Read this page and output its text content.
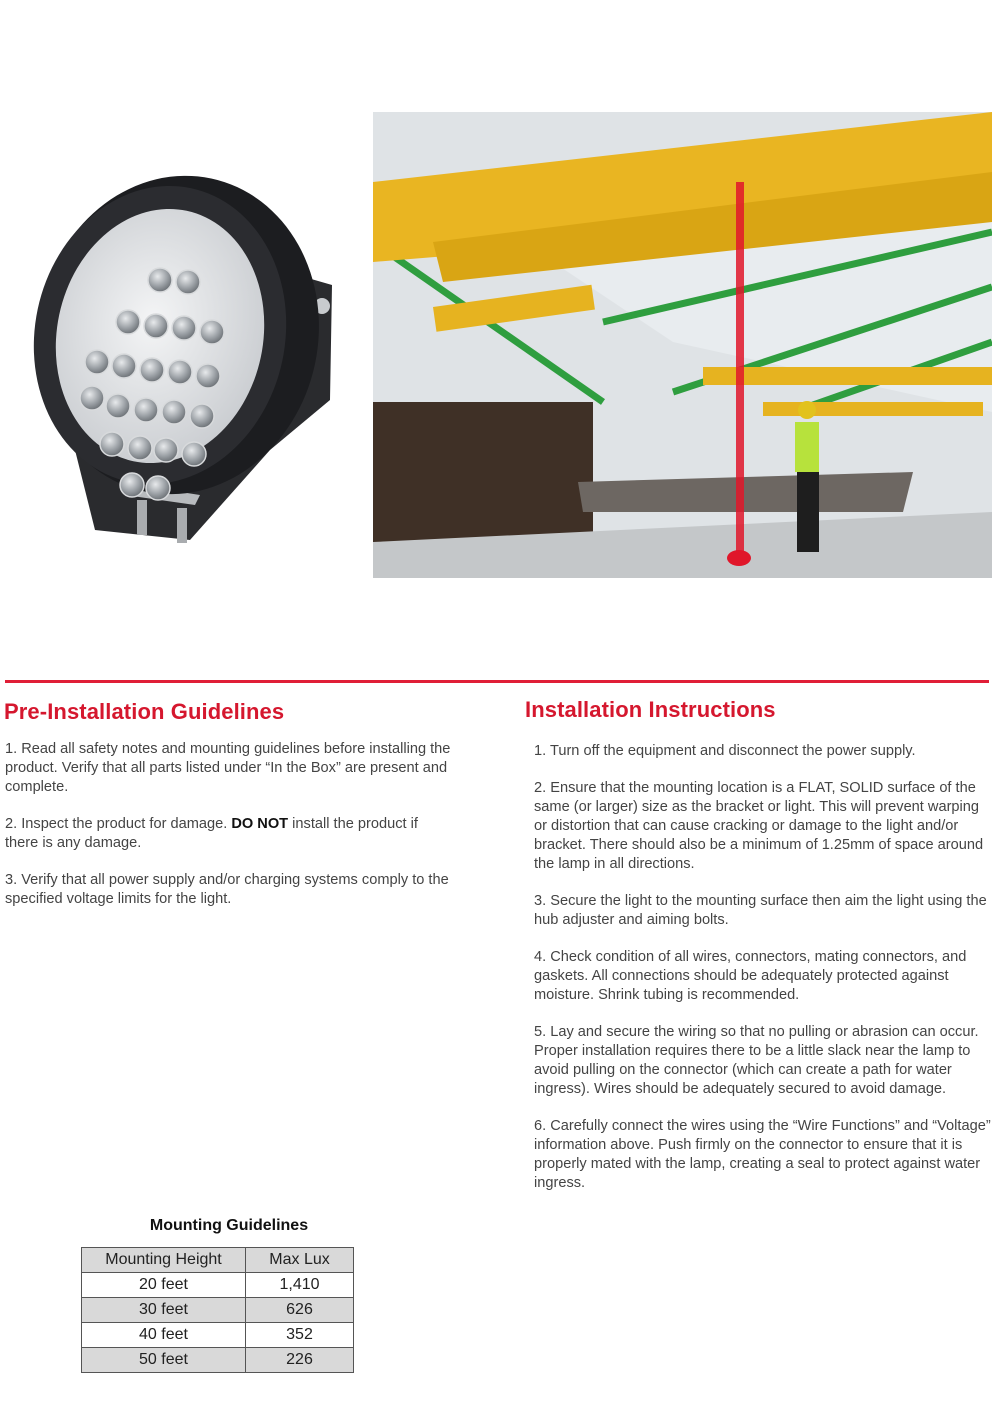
Pre-Installation Guidelines

1. Read all safety notes and mounting guidelines before installing the product. Verify that all parts listed under “In the Box” are present and complete.

2. Inspect the product for damage. DO NOT install the product if there is any damage.

3. Verify that all power supply and/or charging systems comply to the specified voltage limits for the light.

Installation Instructions

1. Turn off the equipment and disconnect the power supply.

2. Ensure that the mounting location is a FLAT, SOLID surface of the same (or larger) size as the bracket or light. This will prevent warping or distortion that can cause cracking or damage to the light and/or bracket. There should also be a minimum of 1.25mm of space around the lamp in all directions.

3. Secure the light to the mounting surface then aim the light using the hub adjuster and aiming bolts.

4. Check condition of all wires, connectors, mating connectors, and gaskets. All connections should be adequately protected against moisture. Shrink tubing is recommended.

5. Lay and secure the wiring so that no pulling or abrasion can occur. Proper installation requires there to be a little slack near the lamp to avoid pulling on the connector (which can create a path for water ingress). Wires should be adequately secured to avoid damage.

6. Carefully connect the wires using the “Wire Functions” and “Voltage” information above. Push firmly on the connector to ensure that it is properly mated with the lamp, creating a seal to protect against water ingress.

Mounting Guidelines
Mounting Height	Max Lux
20 feet	1,410
30 feet	626
40 feet	352
50 feet	226
